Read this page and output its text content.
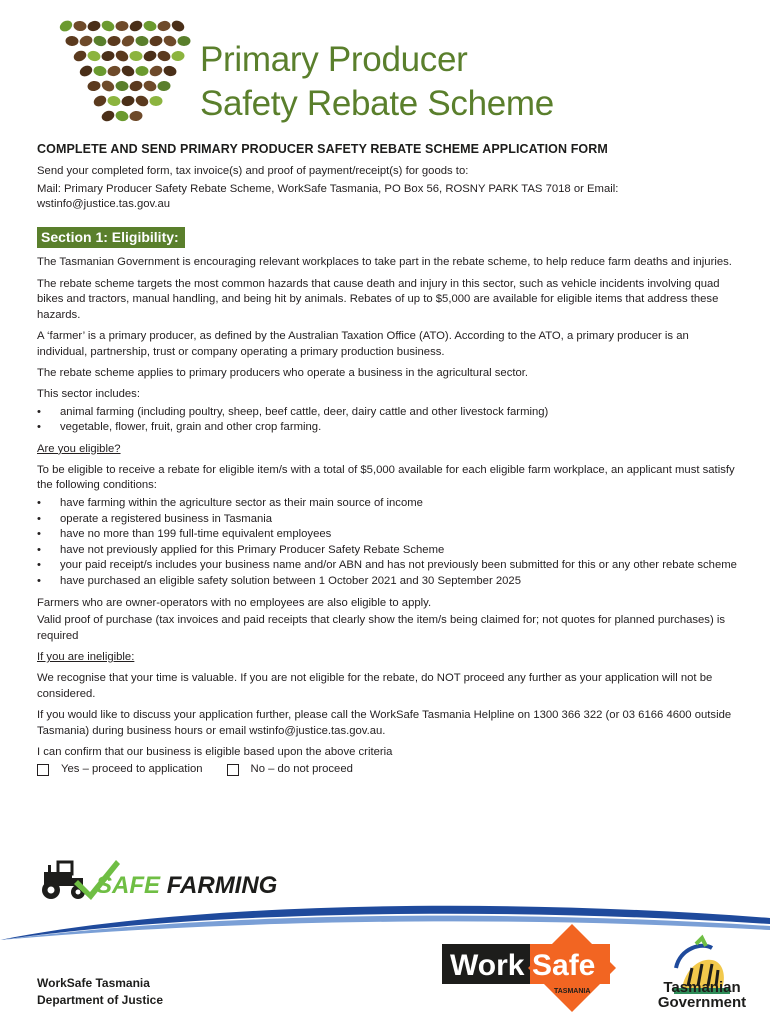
Primary Producer
Safety Rebate Scheme
COMPLETE AND SEND PRIMARY PRODUCER SAFETY REBATE SCHEME APPLICATION FORM

Send your completed form, tax invoice(s) and proof of payment/receipt(s) for goods to:

Mail: Primary Producer Safety Rebate Scheme, WorkSafe Tasmania, PO Box 56, ROSNY PARK TAS 7018 or Email: wstinfo@justice.tas.gov.au

Section 1: Eligibility:

The Tasmanian Government is encouraging relevant workplaces to take part in the rebate scheme, to help reduce farm deaths and injuries.

The rebate scheme targets the most common hazards that cause death and injury in this sector, such as vehicle incidents involving quad bikes and tractors, manual handling, and being hit by animals. Rebates of up to $5,000 are available for eligible items that address these hazards.

A ‘farmer’ is a primary producer, as defined by the Australian Taxation Office (ATO). According to the ATO, a primary producer is an individual, partnership, trust or company operating a primary production business.

The rebate scheme applies to primary producers who operate a business in the agricultural sector.

This sector includes:

• animal farming (including poultry, sheep, beef cattle, deer, dairy cattle and other livestock farming)
• vegetable, flower, fruit, grain and other crop farming.

Are you eligible?

To be eligible to receive a rebate for eligible item/s with a total of $5,000 available for each eligible farm workplace, an applicant must satisfy the following conditions:

• have farming within the agriculture sector as their main source of income
• operate a registered business in Tasmania
• have no more than 199 full-time equivalent employees
• have not previously applied for this Primary Producer Safety Rebate Scheme
• your paid receipt/s includes your business name and/or ABN and has not previously been submitted for this or any other rebate scheme
• have purchased an eligible safety solution between 1 October 2021 and 30 September 2025

Farmers who are owner-operators with no employees are also eligible to apply.

Valid proof of purchase (tax invoices and paid receipts that clearly show the item/s being claimed for; not quotes for planned purchases) is required

If you are ineligible:

We recognise that your time is valuable. If you are not eligible for the rebate, do NOT proceed any further as your application will not be considered.

If you would like to discuss your application further, please call the WorkSafe Tasmania Helpline on 1300 366 322 (or 03 6166 4600 outside Tasmania) during business hours or email wstinfo@justice.tas.gov.au.

I can confirm that our business is eligible based upon the above criteria

Yes – proceed to application	No – do not proceed
SAFE FARMING
WorkSafe Tasmania
Department of Justice
Work Safe
TASMANIA	Tasmanian
Government
